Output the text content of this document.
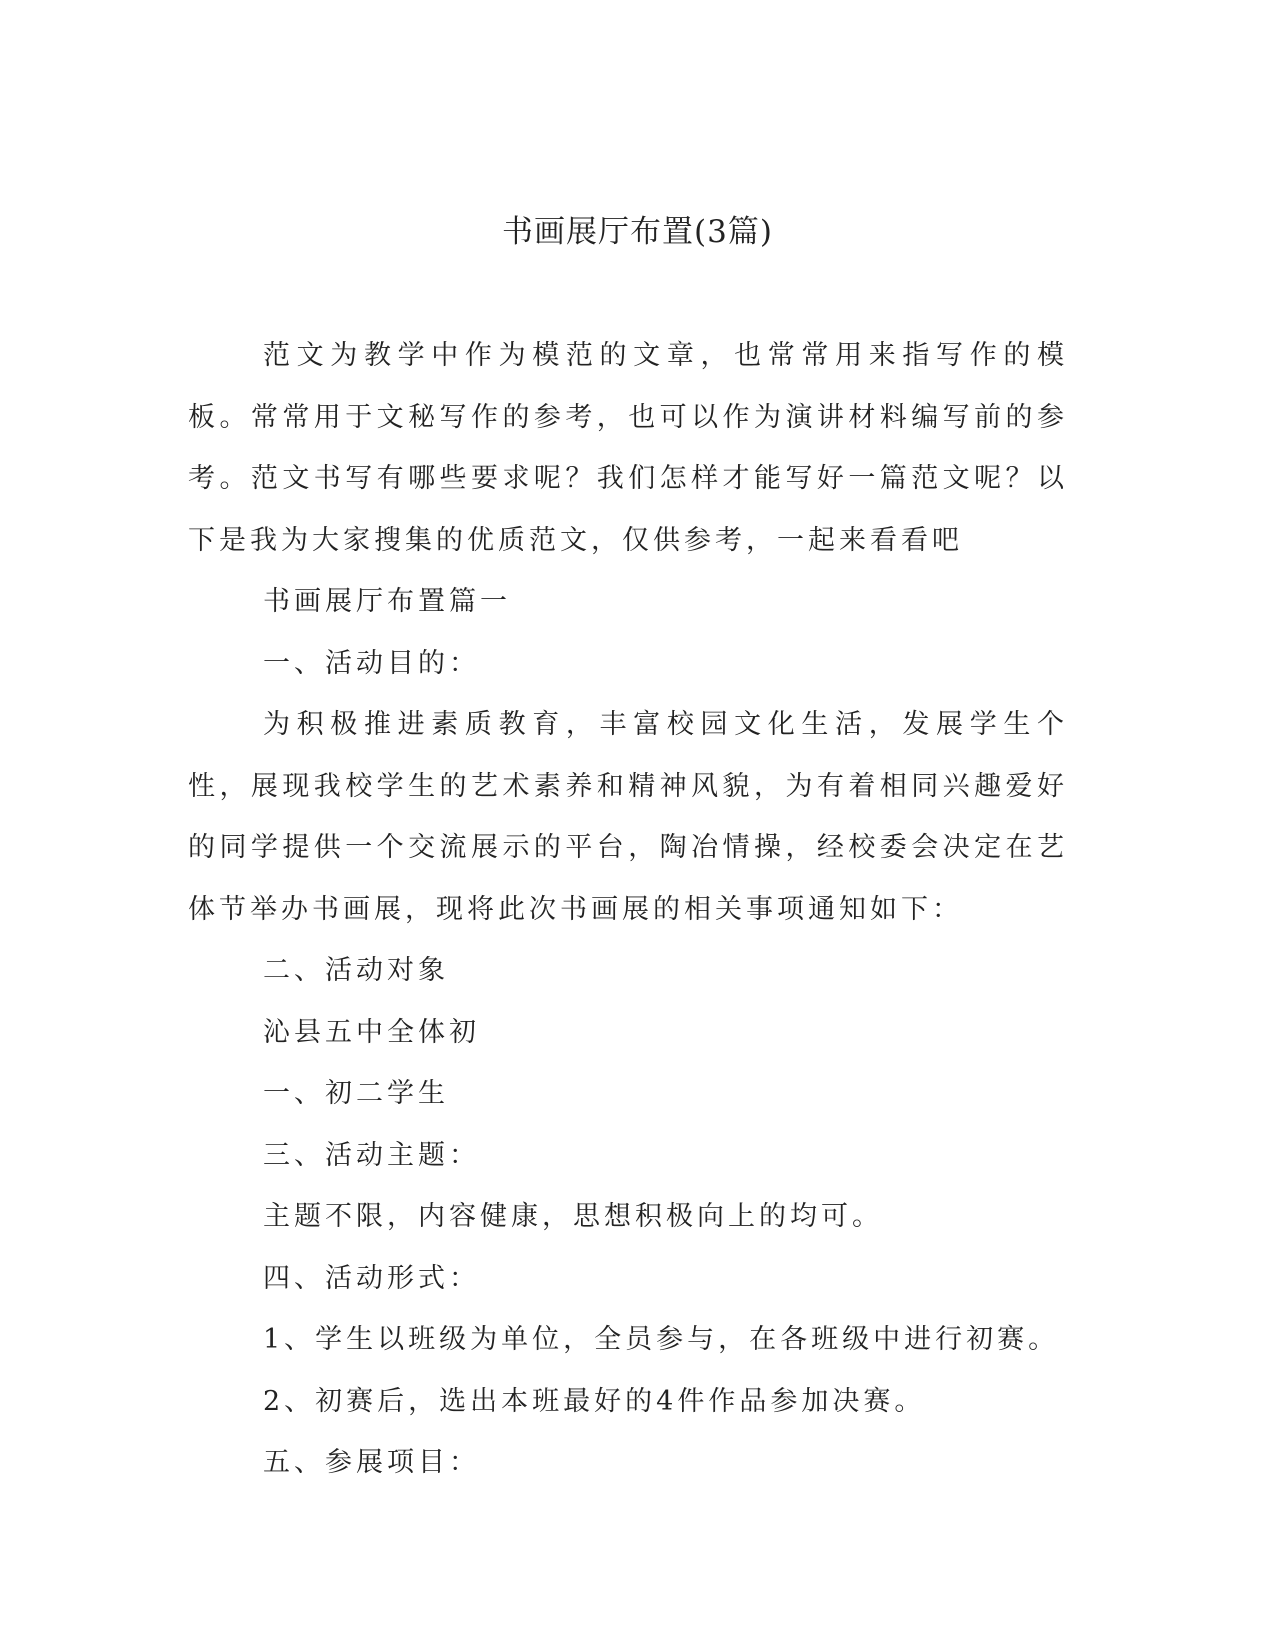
书画展厅布置(3篇)

范文为教学中作为模范的文章，也常常用来指写作的模板。常常用于文秘写作的参考，也可以作为演讲材料编写前的参考。范文书写有哪些要求呢？我们怎样才能写好一篇范文呢？以下是我为大家搜集的优质范文，仅供参考，一起来看看吧

书画展厅布置篇一

一、活动目的：

为积极推进素质教育，丰富校园文化生活，发展学生个性，展现我校学生的艺术素养和精神风貌，为有着相同兴趣爱好的同学提供一个交流展示的平台，陶冶情操，经校委会决定在艺体节举办书画展，现将此次书画展的相关事项通知如下：

二、活动对象

沁县五中全体初

一、初二学生

三、活动主题：

主题不限，内容健康，思想积极向上的均可。

四、活动形式：

1、学生以班级为单位，全员参与，在各班级中进行初赛。

2、初赛后，选出本班最好的4件作品参加决赛。

五、参展项目：
